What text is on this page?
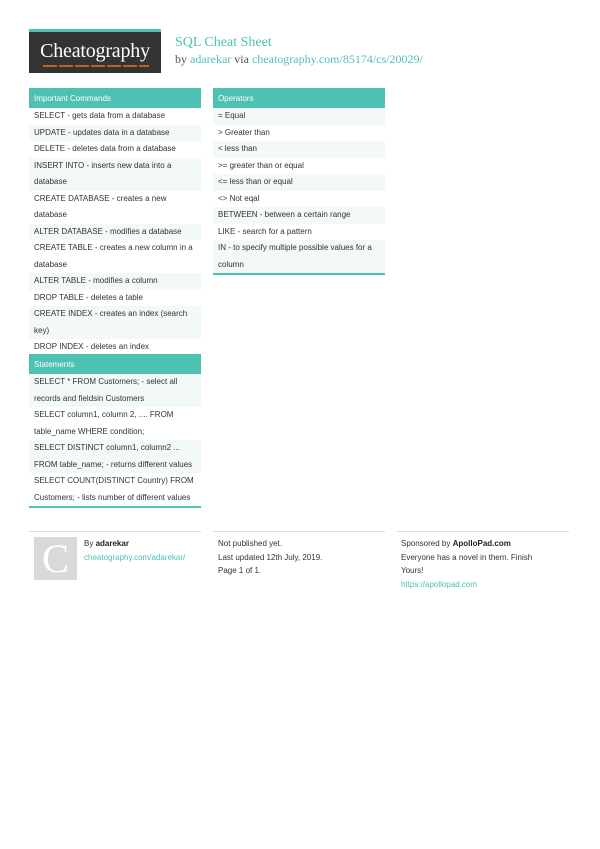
Cheatography	SQL Cheat Sheet
by adarekar via cheatography.com/85174/cs/20029/
Important Commands
SELECT - gets data from a database
UPDATE - updates data in a database
DELETE - deletes data from a database
INSERT INTO - inserts new data into a database
CREATE DATABASE - creates a new database
ALTER DATABASE - modifies a database
CREATE TABLE - creates a new column in a database
ALTER TABLE - modifies a column
DROP TABLE - deletes a table
CREATE INDEX - creates an index (search key)
DROP INDEX - deletes an index
Statements
SELECT * FROM Customers; - select all records and fieldsin Customers
SELECT column1, column 2, .... FROM table_name WHERE condition;
SELECT DISTINCT column1, column2 ... FROM table_name; - returns different values
SELECT COUNT(DISTINCT Country) FROM Customers; - lists number of different values
Operators
= Equal
> Greater than
< less than
>= greater than or equal
<= less than or equal
<> Not eqal
BETWEEN - between a certain range
LIKE - search for a pattern
IN - to specify multiple possible values for a column
C	By adarekar
cheatography.com/adarekar/
Not published yet.
Last updated 12th July, 2019.
Page 1 of 1.
Sponsored by ApolloPad.com
Everyone has a novel in them. Finish Yours!
https://apollopad.com
